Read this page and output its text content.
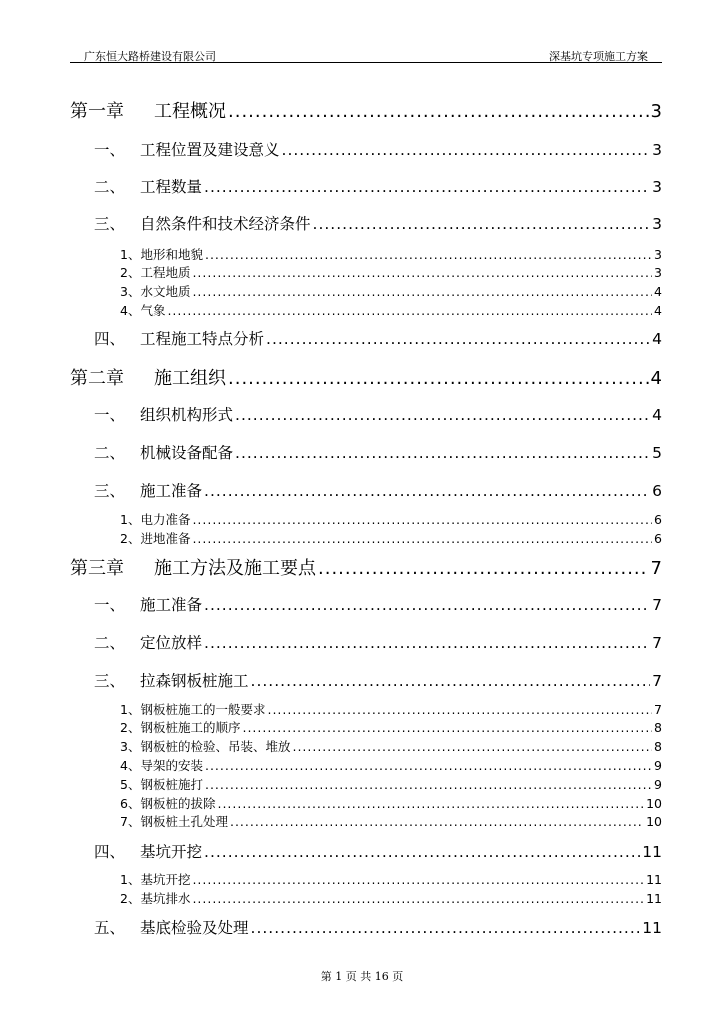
广东恒大路桥建设有限公司	深基坑专项施工方案
第一章	工程概况 .....	3
一、 工程位置及建设意义 .....	3
二、 工程数量 .....	3
三、 自然条件和技术经济条件 .....	3
1、地形和地貌 .....	3
2、工程地质 .....	3
3、水文地质 .....	4
4、气象 .....	4
四、 工程施工特点分析 .....	4
第二章	施工组织 .....	4
一、 组织机构形式 .....	4
二、 机械设备配备 .....	5
三、 施工准备 .....	6
1、电力准备 .....	6
2、进地准备 .....	6
第三章	施工方法及施工要点 .....	7
一、 施工准备 .....	7
二、 定位放样 .....	7
三、 拉森钢板桩施工 .....	7
1、钢板桩施工的一般要求 .....	7
2、钢板桩施工的顺序 .....	8
3、钢板桩的检验、吊装、堆放 .....	8
4、导架的安装 .....	9
5、钢板桩施打 .....	9
6、钢板桩的拔除 .....	10
7、钢板桩土孔处理 .....	10
四、 基坑开挖 .....	11
1、基坑开挖 .....	11
2、基坑排水 .....	11
五、 基底检验及处理 .....	11
第 1 页 共 16 页
